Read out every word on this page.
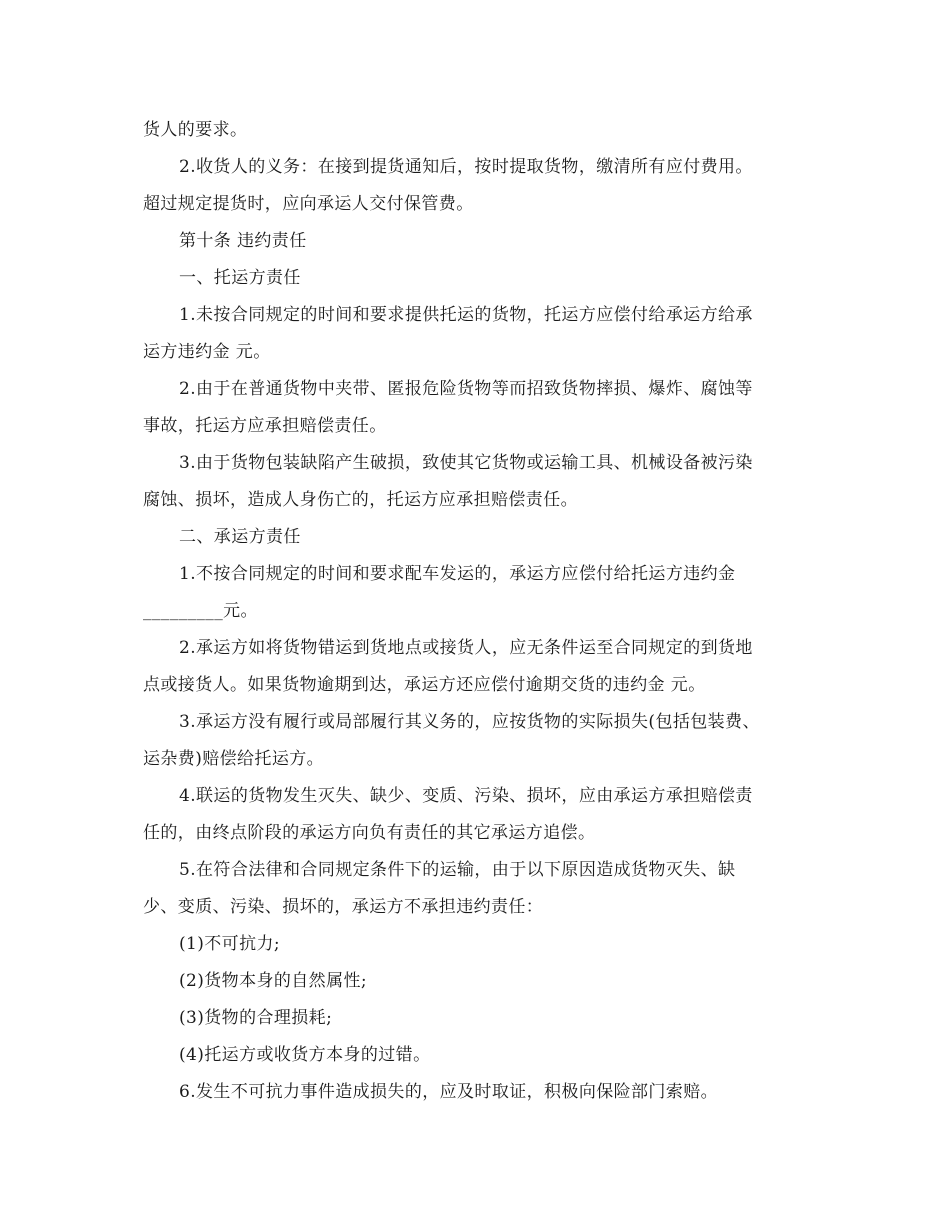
货人的要求。
2.收货人的义务：在接到提货通知后，按时提取货物，缴清所有应付费用。
超过规定提货时，应向承运人交付保管费。
第十条 违约责任
一、托运方责任
1.未按合同规定的时间和要求提供托运的货物，托运方应偿付给承运方给承
运方违约金 元。
2.由于在普通货物中夹带、匿报危险货物等而招致货物摔损、爆炸、腐蚀等
事故，托运方应承担赔偿责任。
3.由于货物包装缺陷产生破损，致使其它货物或运输工具、机械设备被污染
腐蚀、损坏，造成人身伤亡的，托运方应承担赔偿责任。
二、承运方责任
1.不按合同规定的时间和要求配车发运的，承运方应偿付给托运方违约金
_________元。
2.承运方如将货物错运到货地点或接货人，应无条件运至合同规定的到货地
点或接货人。如果货物逾期到达，承运方还应偿付逾期交货的违约金 元。
3.承运方没有履行或局部履行其义务的，应按货物的实际损失(包括包装费、
运杂费)赔偿给托运方。
4.联运的货物发生灭失、缺少、变质、污染、损坏，应由承运方承担赔偿责
任的，由终点阶段的承运方向负有责任的其它承运方追偿。
5.在符合法律和合同规定条件下的运输，由于以下原因造成货物灭失、缺
少、变质、污染、损坏的，承运方不承担违约责任：
(1)不可抗力;
(2)货物本身的自然属性;
(3)货物的合理损耗;
(4)托运方或收货方本身的过错。
6.发生不可抗力事件造成损失的，应及时取证，积极向保险部门索赔。
